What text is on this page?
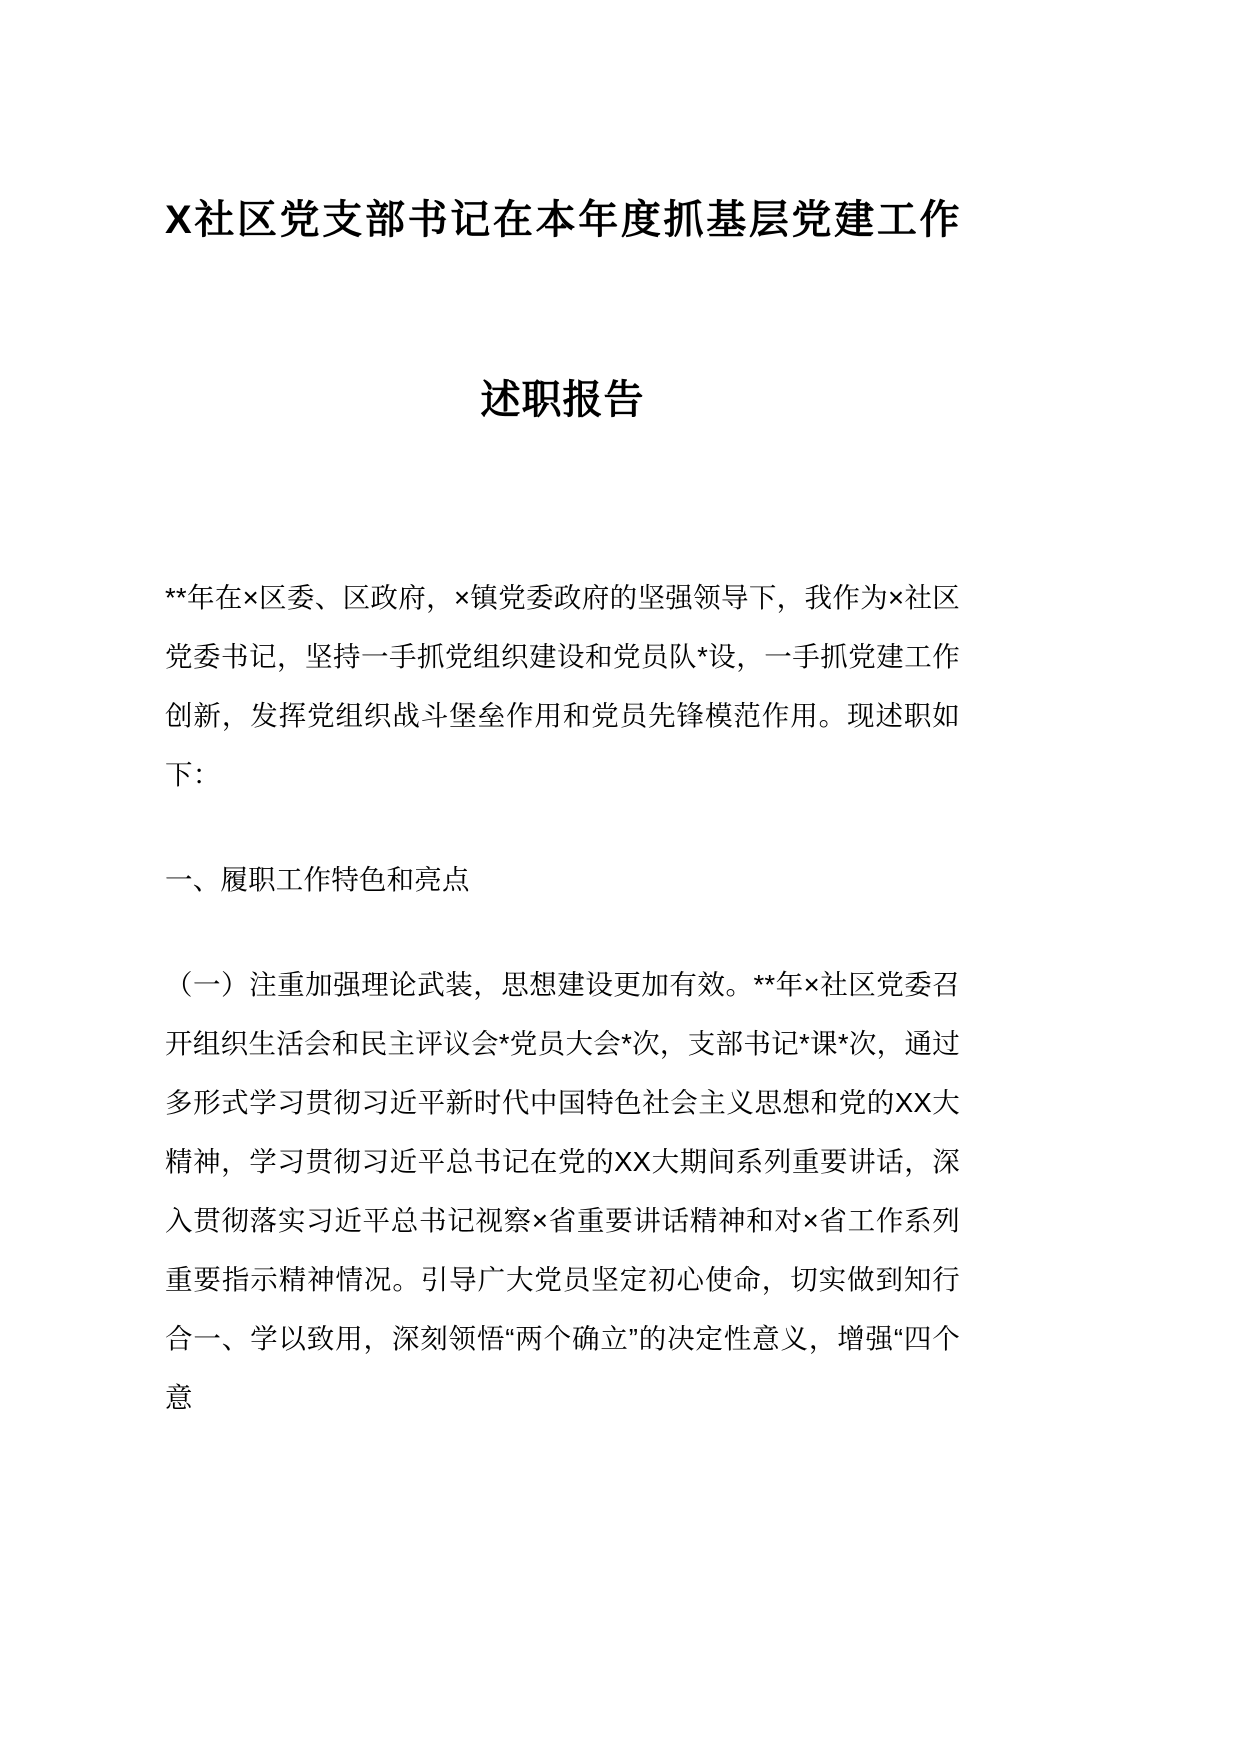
X社区党支部书记在本年度抓基层党建工作
述职报告

**年在×区委、区政府，×镇党委政府的坚强领导下，我作为×社区党委书记，坚持一手抓党组织建设和党员队*设，一手抓党建工作创新，发挥党组织战斗堡垒作用和党员先锋模范作用。现述职如下：

一、履职工作特色和亮点

（一）注重加强理论武装，思想建设更加有效。**年×社区党委召开组织生活会和民主评议会*党员大会*次，支部书记*课*次，通过多形式学习贯彻习近平新时代中国特色社会主义思想和党的XX大精神，学习贯彻习近平总书记在党的XX大期间系列重要讲话，深入贯彻落实习近平总书记视察×省重要讲话精神和对×省工作系列重要指示精神情况。引导广大党员坚定初心使命，切实做到知行合一、学以致用，深刻领悟“两个确立”的决定性意义，增强“四个意
